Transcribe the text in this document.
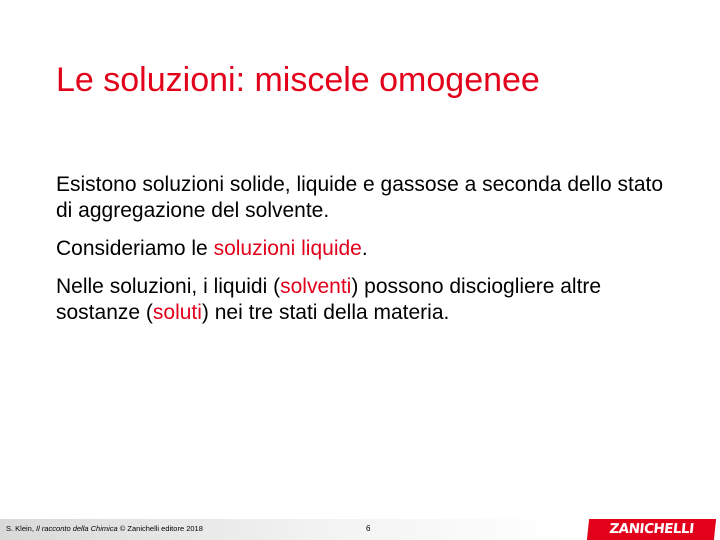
Le soluzioni: miscele omogenee

Esistono soluzioni solide, liquide e gassose a seconda dello stato di aggregazione del solvente.

Consideriamo le soluzioni liquide.

Nelle soluzioni, i liquidi (solventi) possono disciogliere altre sostanze (soluti) nei tre stati della materia.

S. Klein, Il racconto della Chimica © Zanichelli editore 2018	6	ZANICHELLI
